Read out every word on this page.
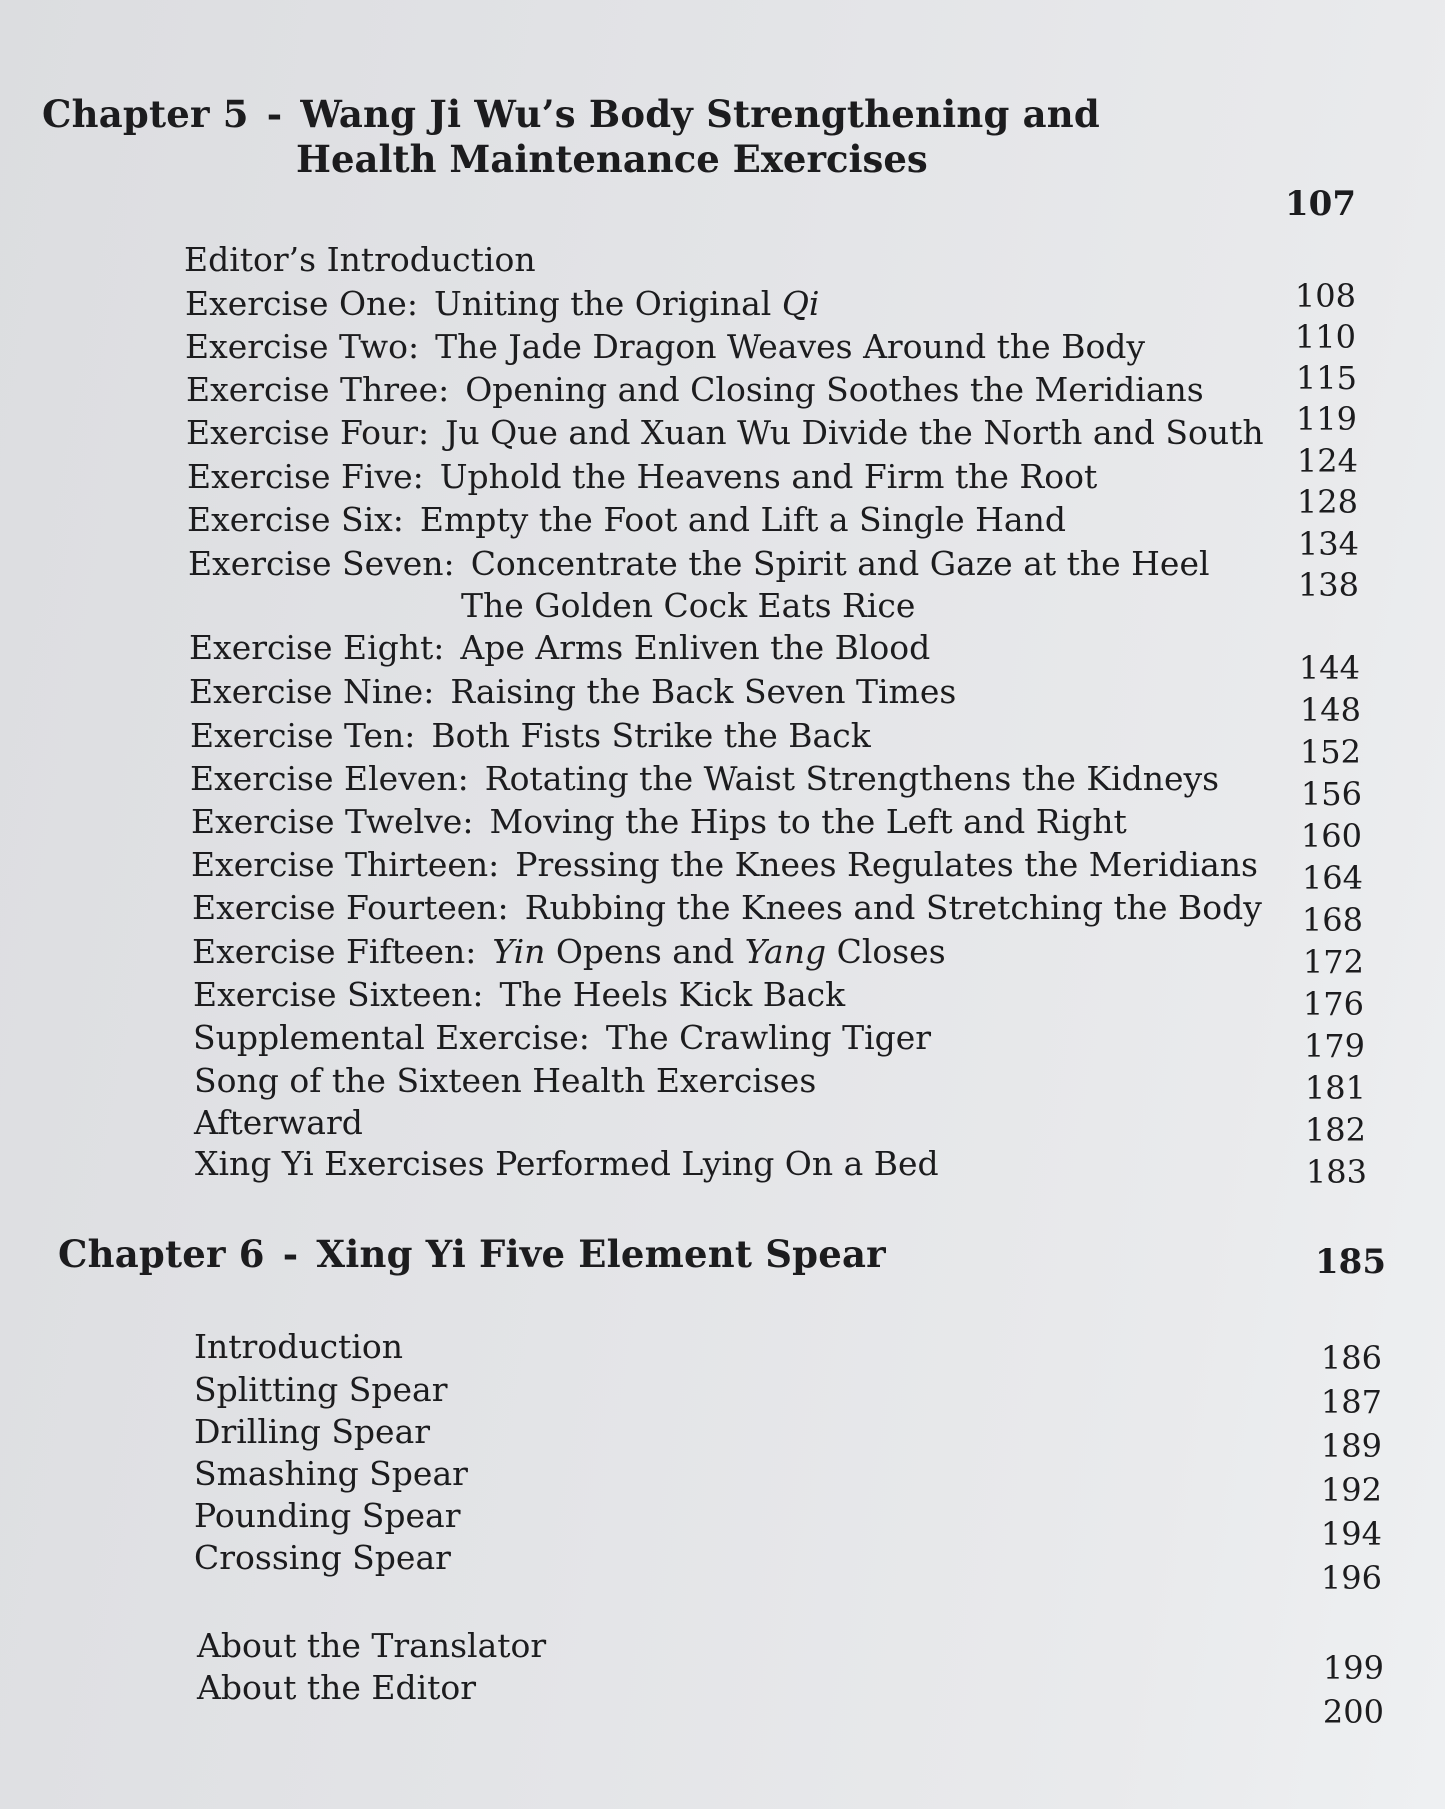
Chapter 5 - Wang Ji Wu’s Body Strengthening and
Health Maintenance Exercises
107
Editor’s Introduction
Exercise One: Uniting the Original Qi
Exercise Two: The Jade Dragon Weaves Around the Body
Exercise Three: Opening and Closing Soothes the Meridians
Exercise Four: Ju Que and Xuan Wu Divide the North and South
Exercise Five: Uphold the Heavens and Firm the Root
Exercise Six: Empty the Foot and Lift a Single Hand
Exercise Seven: Concentrate the Spirit and Gaze at the Heel
The Golden Cock Eats Rice
Exercise Eight: Ape Arms Enliven the Blood
Exercise Nine: Raising the Back Seven Times
Exercise Ten: Both Fists Strike the Back
Exercise Eleven: Rotating the Waist Strengthens the Kidneys
Exercise Twelve: Moving the Hips to the Left and Right
Exercise Thirteen: Pressing the Knees Regulates the Meridians
Exercise Fourteen: Rubbing the Knees and Stretching the Body
Exercise Fifteen: Yin Opens and Yang Closes
Exercise Sixteen: The Heels Kick Back
Supplemental Exercise: The Crawling Tiger
Song of the Sixteen Health Exercises
Afterward
Xing Yi Exercises Performed Lying On a Bed
108
110
115
119
124
128
134
138
144
148
152
156
160
164
168
172
176
179
181
182
183
Chapter 6 - Xing Yi Five Element Spear	185
Introduction
Splitting Spear
Drilling Spear
Smashing Spear
Pounding Spear
Crossing Spear
186
187
189
192
194
196
About the Translator
About the Editor	199
200
